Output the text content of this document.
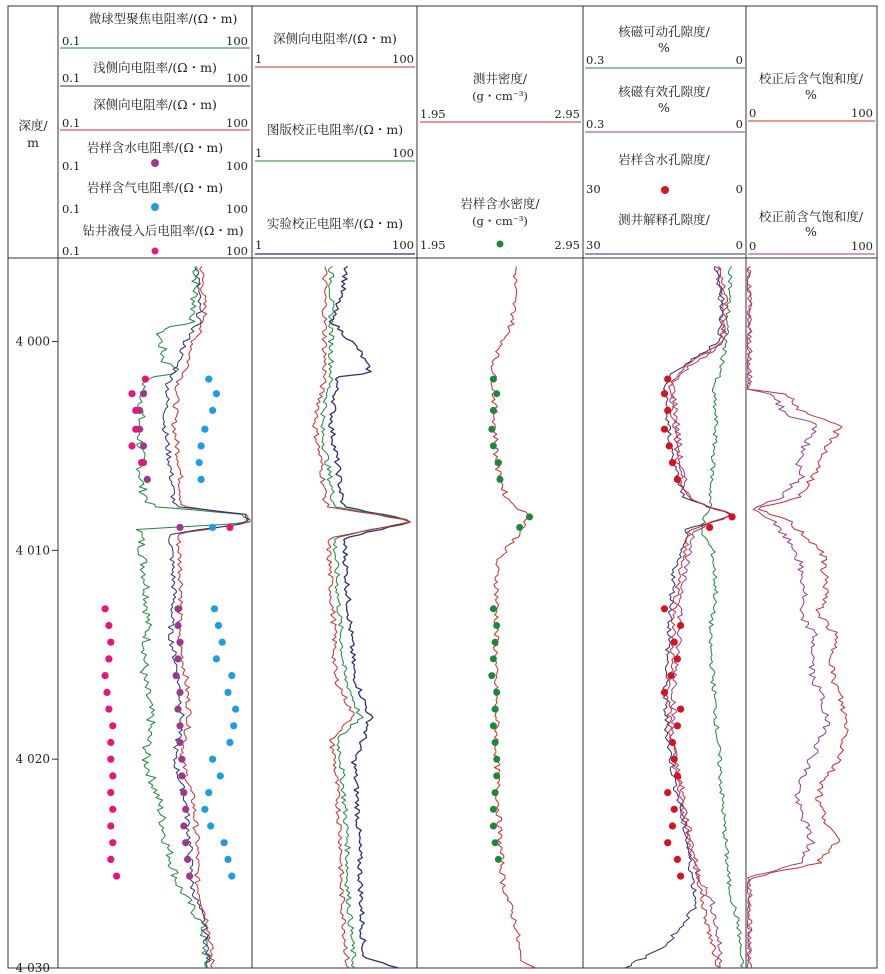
深度/
m
4 000
4 010
4 020
4 030
微球型聚焦电阻率/(Ω・m)
0.1	100
浅侧向电阻率/(Ω・m)
0.1	100
深侧向电阻率/(Ω・m)
0.1	100
岩样含水电阻率/(Ω・m)
0.1	100
岩样含气电阻率/(Ω・m)
0.1	100
钻井液侵入后电阻率/(Ω・m)
0.1	100
深侧向电阻率/(Ω・m)
1	100
图版校正电阻率/(Ω・m)
1	100
实验校正电阻率/(Ω・m)
1	100
测井密度/
(g・cm⁻³)
1.95	2.95
岩样含水密度/
(g・cm⁻³)
1.95	2.95
核磁可动孔隙度/
%
0.3	0
核磁有效孔隙度/
%
0.3	0
岩样含水孔隙度/
30	0
测井解释孔隙度/
30	0
校正后含气饱和度/
%
0	100
校正前含气饱和度/
%
0	100
